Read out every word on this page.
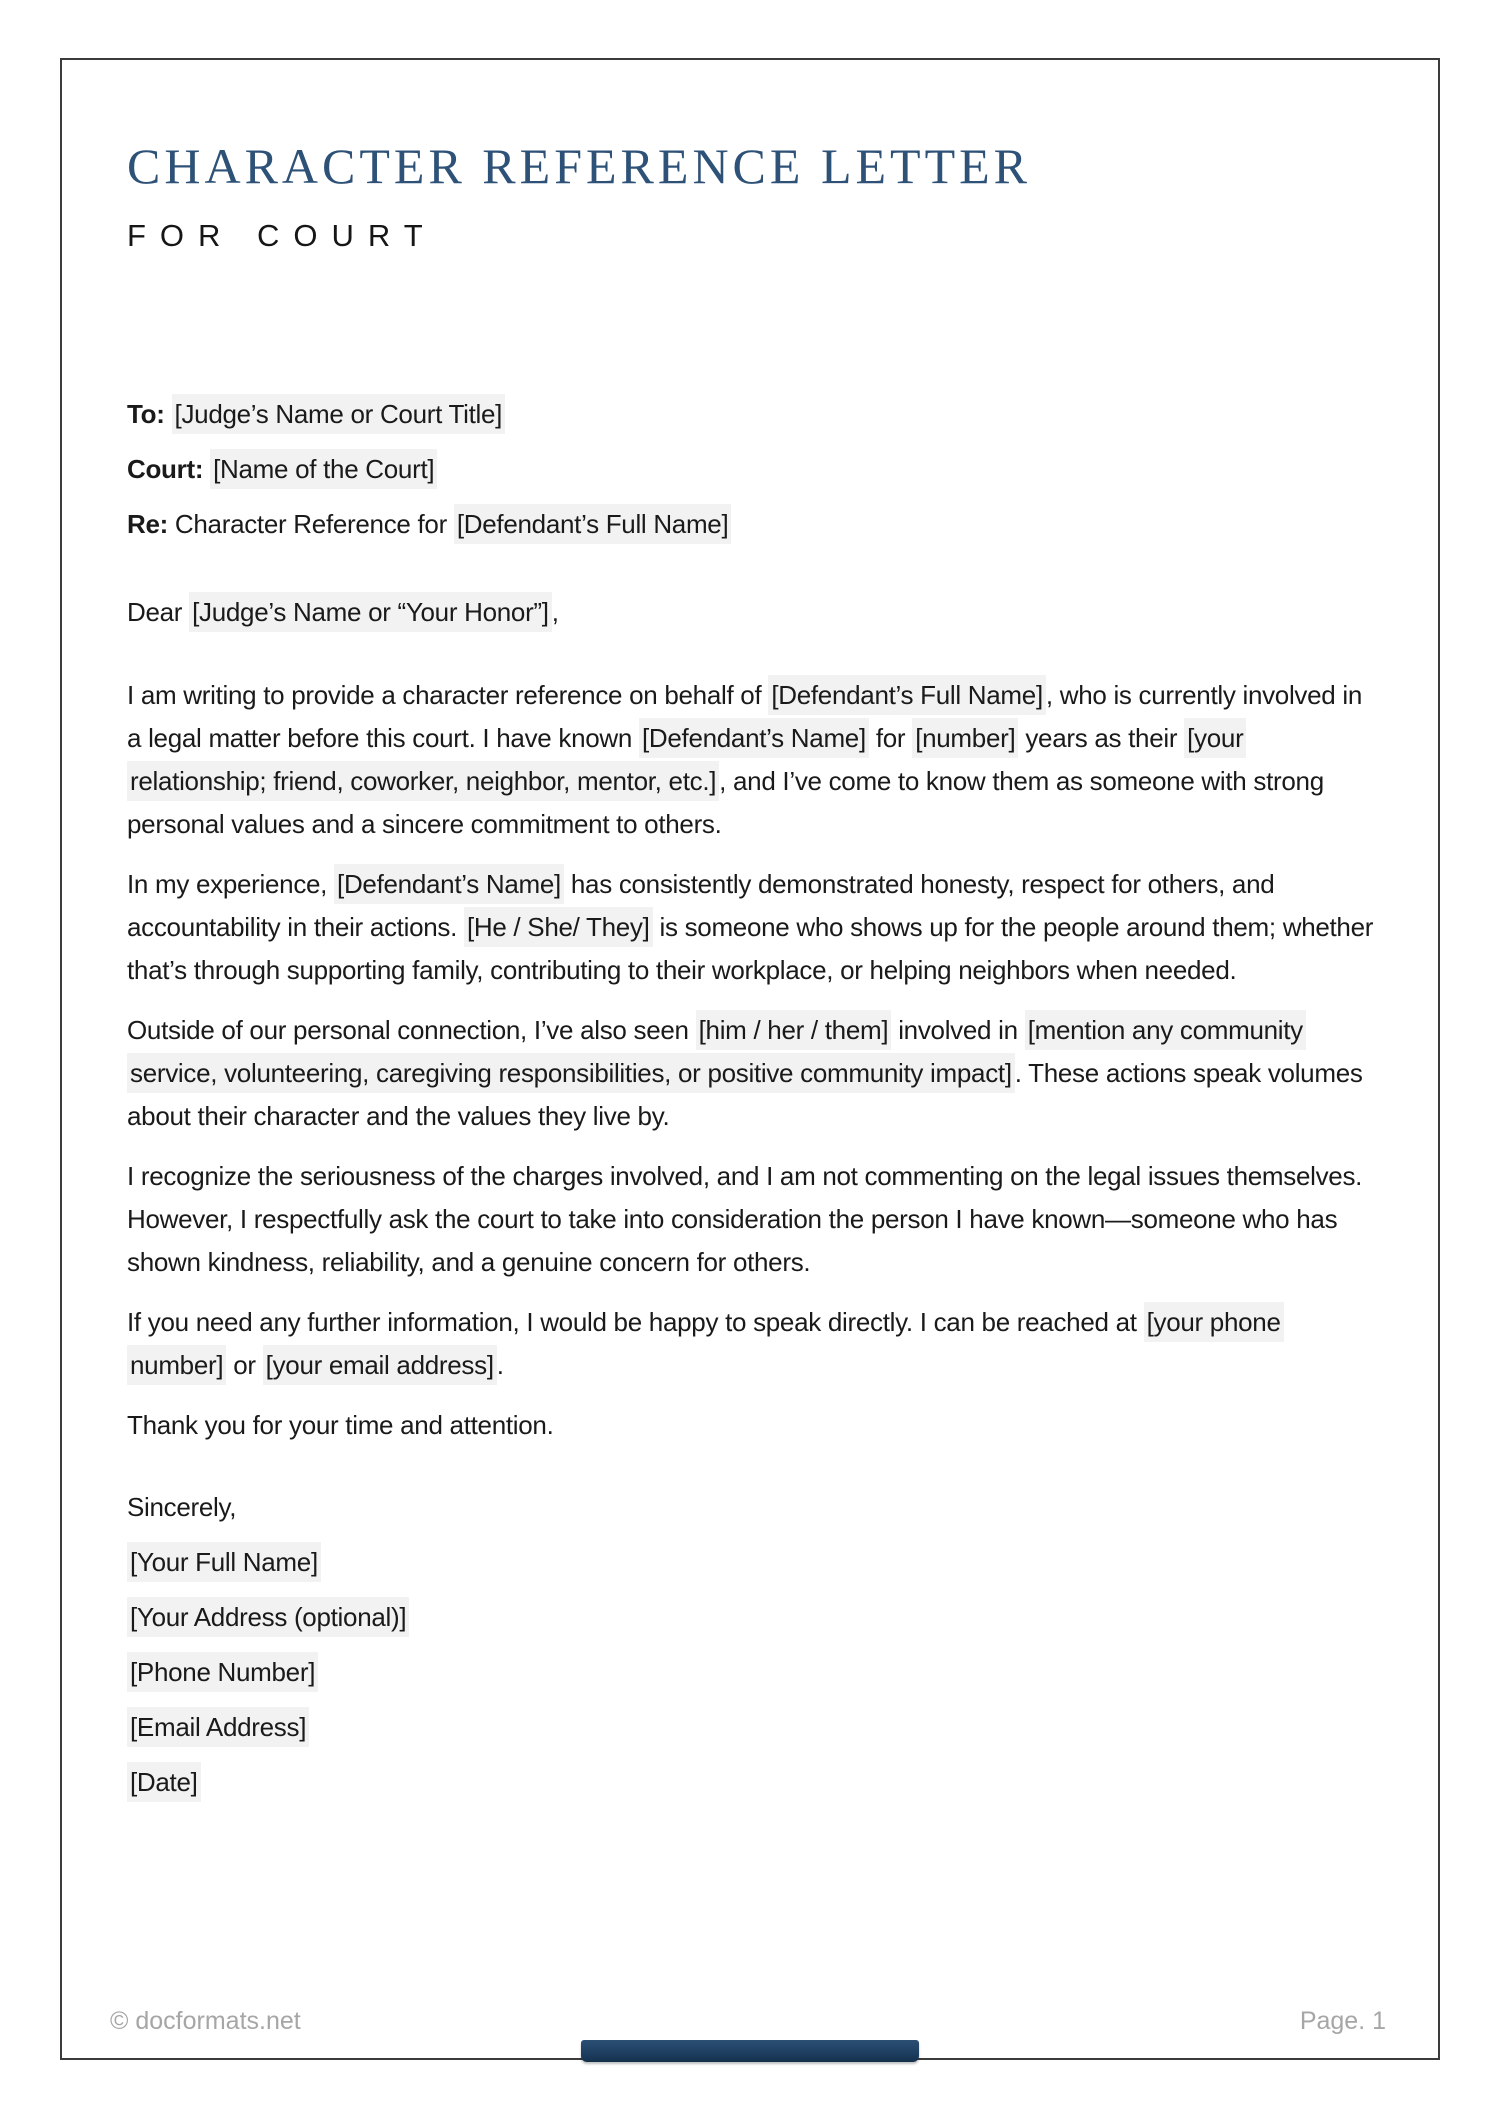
CHARACTER REFERENCE LETTER
FOR COURT

To: [Judge’s Name or Court Title]

Court: [Name of the Court]

Re: Character Reference for [Defendant’s Full Name]

Dear [Judge’s Name or “Your Honor”] ,

I am writing to provide a character reference on behalf of [Defendant’s Full Name] , who is currently involved in a legal matter before this court. I have known [Defendant’s Name] for [number] years as their [your relationship; friend, coworker, neighbor, mentor, etc.] , and I’ve come to know them as someone with strong personal values and a sincere commitment to others.

In my experience, [Defendant’s Name] has consistently demonstrated honesty, respect for others, and accountability in their actions. [He / She/ They] is someone who shows up for the people around them; whether that’s through supporting family, contributing to their workplace, or helping neighbors when needed.

Outside of our personal connection, I’ve also seen [him / her / them] involved in [mention any community service, volunteering, caregiving responsibilities, or positive community impact] . These actions speak volumes about their character and the values they live by.

I recognize the seriousness of the charges involved, and I am not commenting on the legal issues themselves. However, I respectfully ask the court to take into consideration the person I have known—someone who has shown kindness, reliability, and a genuine concern for others.

If you need any further information, I would be happy to speak directly. I can be reached at [your phone number] or [your email address] .

Thank you for your time and attention.

Sincerely,

[Your Full Name]

[Your Address (optional)]

[Phone Number]

[Email Address]

[Date]

© docformats.net	Page. 1
